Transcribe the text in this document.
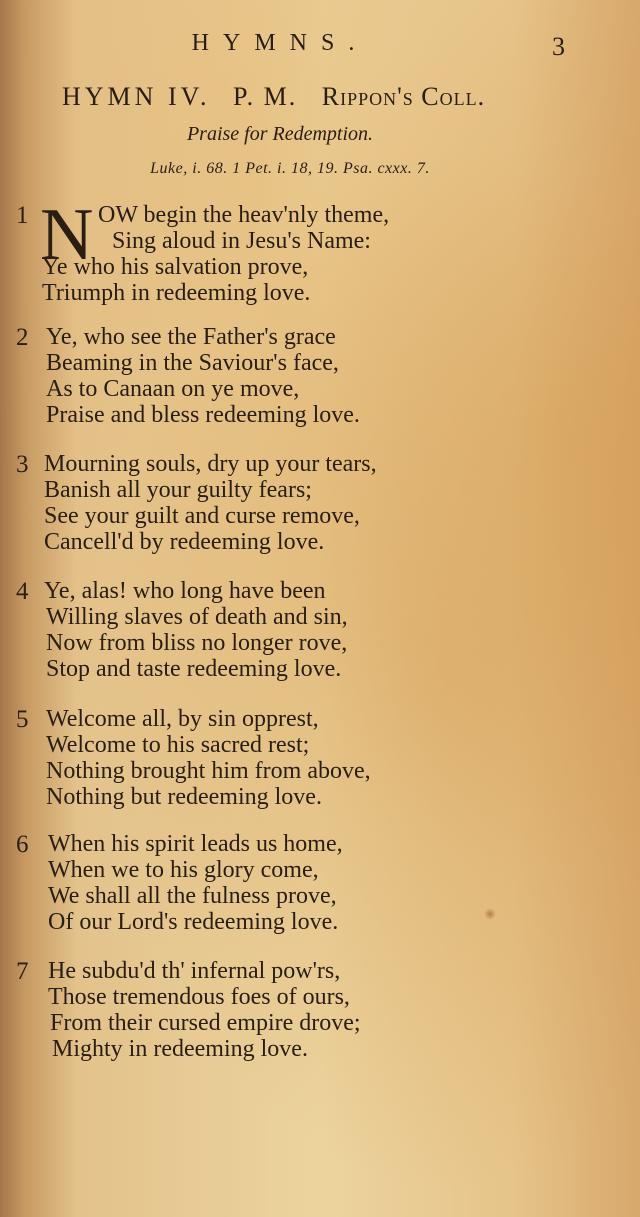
HYMNS.	3
HYMN IV. P. M. Rippon's Coll.
Praise for Redemption.
Luke, i. 68. 1 Pet. i. 18, 19. Psa. cxxx. 7.
N
1	OW begin the heav'nly theme,
Sing aloud in Jesu's Name:
Ye who his salvation prove,
Triumph in redeeming love.
2 Ye, who see the Father's grace
Beaming in the Saviour's face,
As to Canaan on ye move,
Praise and bless redeeming love.
3 Mourning souls, dry up your tears,
Banish all your guilty fears;
See your guilt and curse remove,
Cancell'd by redeeming love.
4 Ye, alas! who long have been
Willing slaves of death and sin,
Now from bliss no longer rove,
Stop and taste redeeming love.
5 Welcome all, by sin opprest,
Welcome to his sacred rest;
Nothing brought him from above,
Nothing but redeeming love.
6 When his spirit leads us home,
When we to his glory come,
We shall all the fulness prove,
Of our Lord's redeeming love.
7 He subdu'd th' infernal pow'rs,
Those tremendous foes of ours,
From their cursed empire drove;
Mighty in redeeming love.
